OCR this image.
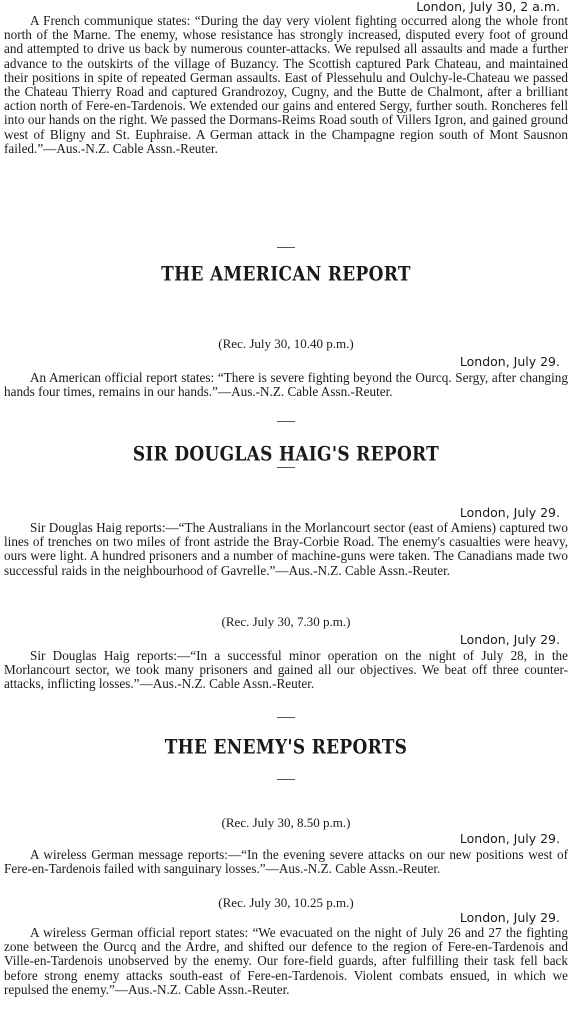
London, July 30, 2 a.m.
A French communique states: “During the day very violent fighting occurred along the whole front north of the Marne. The enemy, whose resistance has strongly increased, disputed every foot of ground and attempted to drive us back by numerous counter-attacks. We repulsed all assaults and made a further advance to the outskirts of the village of Buzancy. The Scottish captured Park Chateau, and maintained their positions in spite of repeated German assaults. East of Plessehulu and Oulchy-le-Chateau we passed the Chateau Thierry Road and captured Grandrozoy, Cugny, and the Butte de Chalmont, after a brilliant action north of Fere-en-Tardenois. We extended our gains and entered Sergy, further south. Roncheres fell into our hands on the right. We passed the Dormans-Reims Road south of Villers Igron, and gained ground west of Bligny and St. Euphraise. A German attack in the Champagne region south of Mont Sausnon failed.”—Aus.-N.Z. Cable Assn.-Reuter.
THE AMERICAN REPORT
(Rec. July 30, 10.40 p.m.)
London, July 29.
An American official report states: “There is severe fighting beyond the Ourcq. Sergy, after changing hands four times, remains in our hands.”—Aus.-N.Z. Cable Assn.-Reuter.
SIR DOUGLAS HAIG'S REPORT
London, July 29.
Sir Douglas Haig reports:—“The Australians in the Morlancourt sector (east of Amiens) captured two lines of trenches on two miles of front astride the Bray-Corbie Road. The enemy's casualties were heavy, ours were light. A hundred prisoners and a number of machine-guns were taken. The Canadians made two successful raids in the neighbourhood of Gavrelle.”—Aus.-N.Z. Cable Assn.-Reuter.
(Rec. July 30, 7.30 p.m.)
London, July 29.
Sir Douglas Haig reports:—“In a successful minor operation on the night of July 28, in the Morlancourt sector, we took many prisoners and gained all our objectives. We beat off three counter-attacks, inflicting losses.”—Aus.-N.Z. Cable Assn.-Reuter.
THE ENEMY'S REPORTS
(Rec. July 30, 8.50 p.m.)
London, July 29.
A wireless German message reports:—“In the evening severe attacks on our new positions west of Fere-en-Tardenois failed with sanguinary losses.”—Aus.-N.Z. Cable Assn.-Reuter.
(Rec. July 30, 10.25 p.m.)
London, July 29.
A wireless German official report states: “We evacuated on the night of July 26 and 27 the fighting zone between the Ourcq and the Ardre, and shifted our defence to the region of Fere-en-Tardenois and Ville-en-Tardenois unobserved by the enemy. Our fore-field guards, after fulfilling their task fell back before strong enemy attacks south-east of Fere-en-Tardenois. Violent combats ensued, in which we repulsed the enemy.”—Aus.-N.Z. Cable Assn.-Reuter.
